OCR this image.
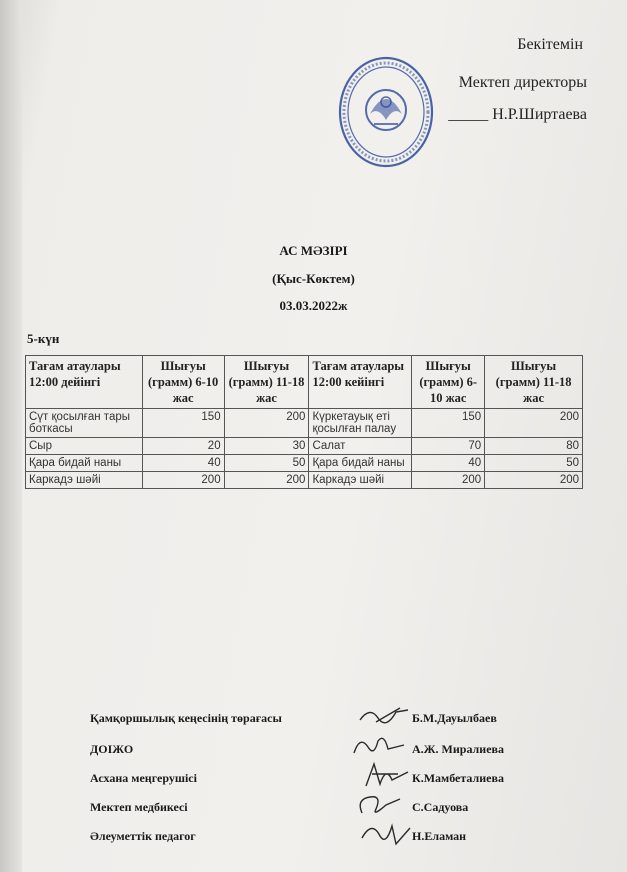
Бекітемін
Мектеп директоры
_____ Н.Р.Ширтаева
АС МӘЗІРІ
(Қыс-Көктем)
03.03.2022ж
5-күн
Тағам атаулары 12:00 дейінгі	Шығуы (грамм) 6-10 жас	Шығуы (грамм) 11-18 жас	Тағам атаулары 12:00 кейінгі	Шығуы (грамм) 6-10 жас	Шығуы (грамм) 11-18 жас
Сүт қосылған тары боткасы	150	200	Күркетауық еті қосылған палау	150	200
Сыр	20	30	Салат	70	80
Қара бидай наны	40	50	Қара бидай наны	40	50
Каркадэ шәйі	200	200	Каркадэ шәйі	200	200
Қамқоршылық кеңесінің төрағасы	Б.М.Дауылбаев
ДОІЖО	А.Ж. Миралиева
Асхана меңгерушісі	К.Мамбеталиева
Мектеп медбикесі	С.Садуова
Әлеуметтік педагог	Н.Еламан
